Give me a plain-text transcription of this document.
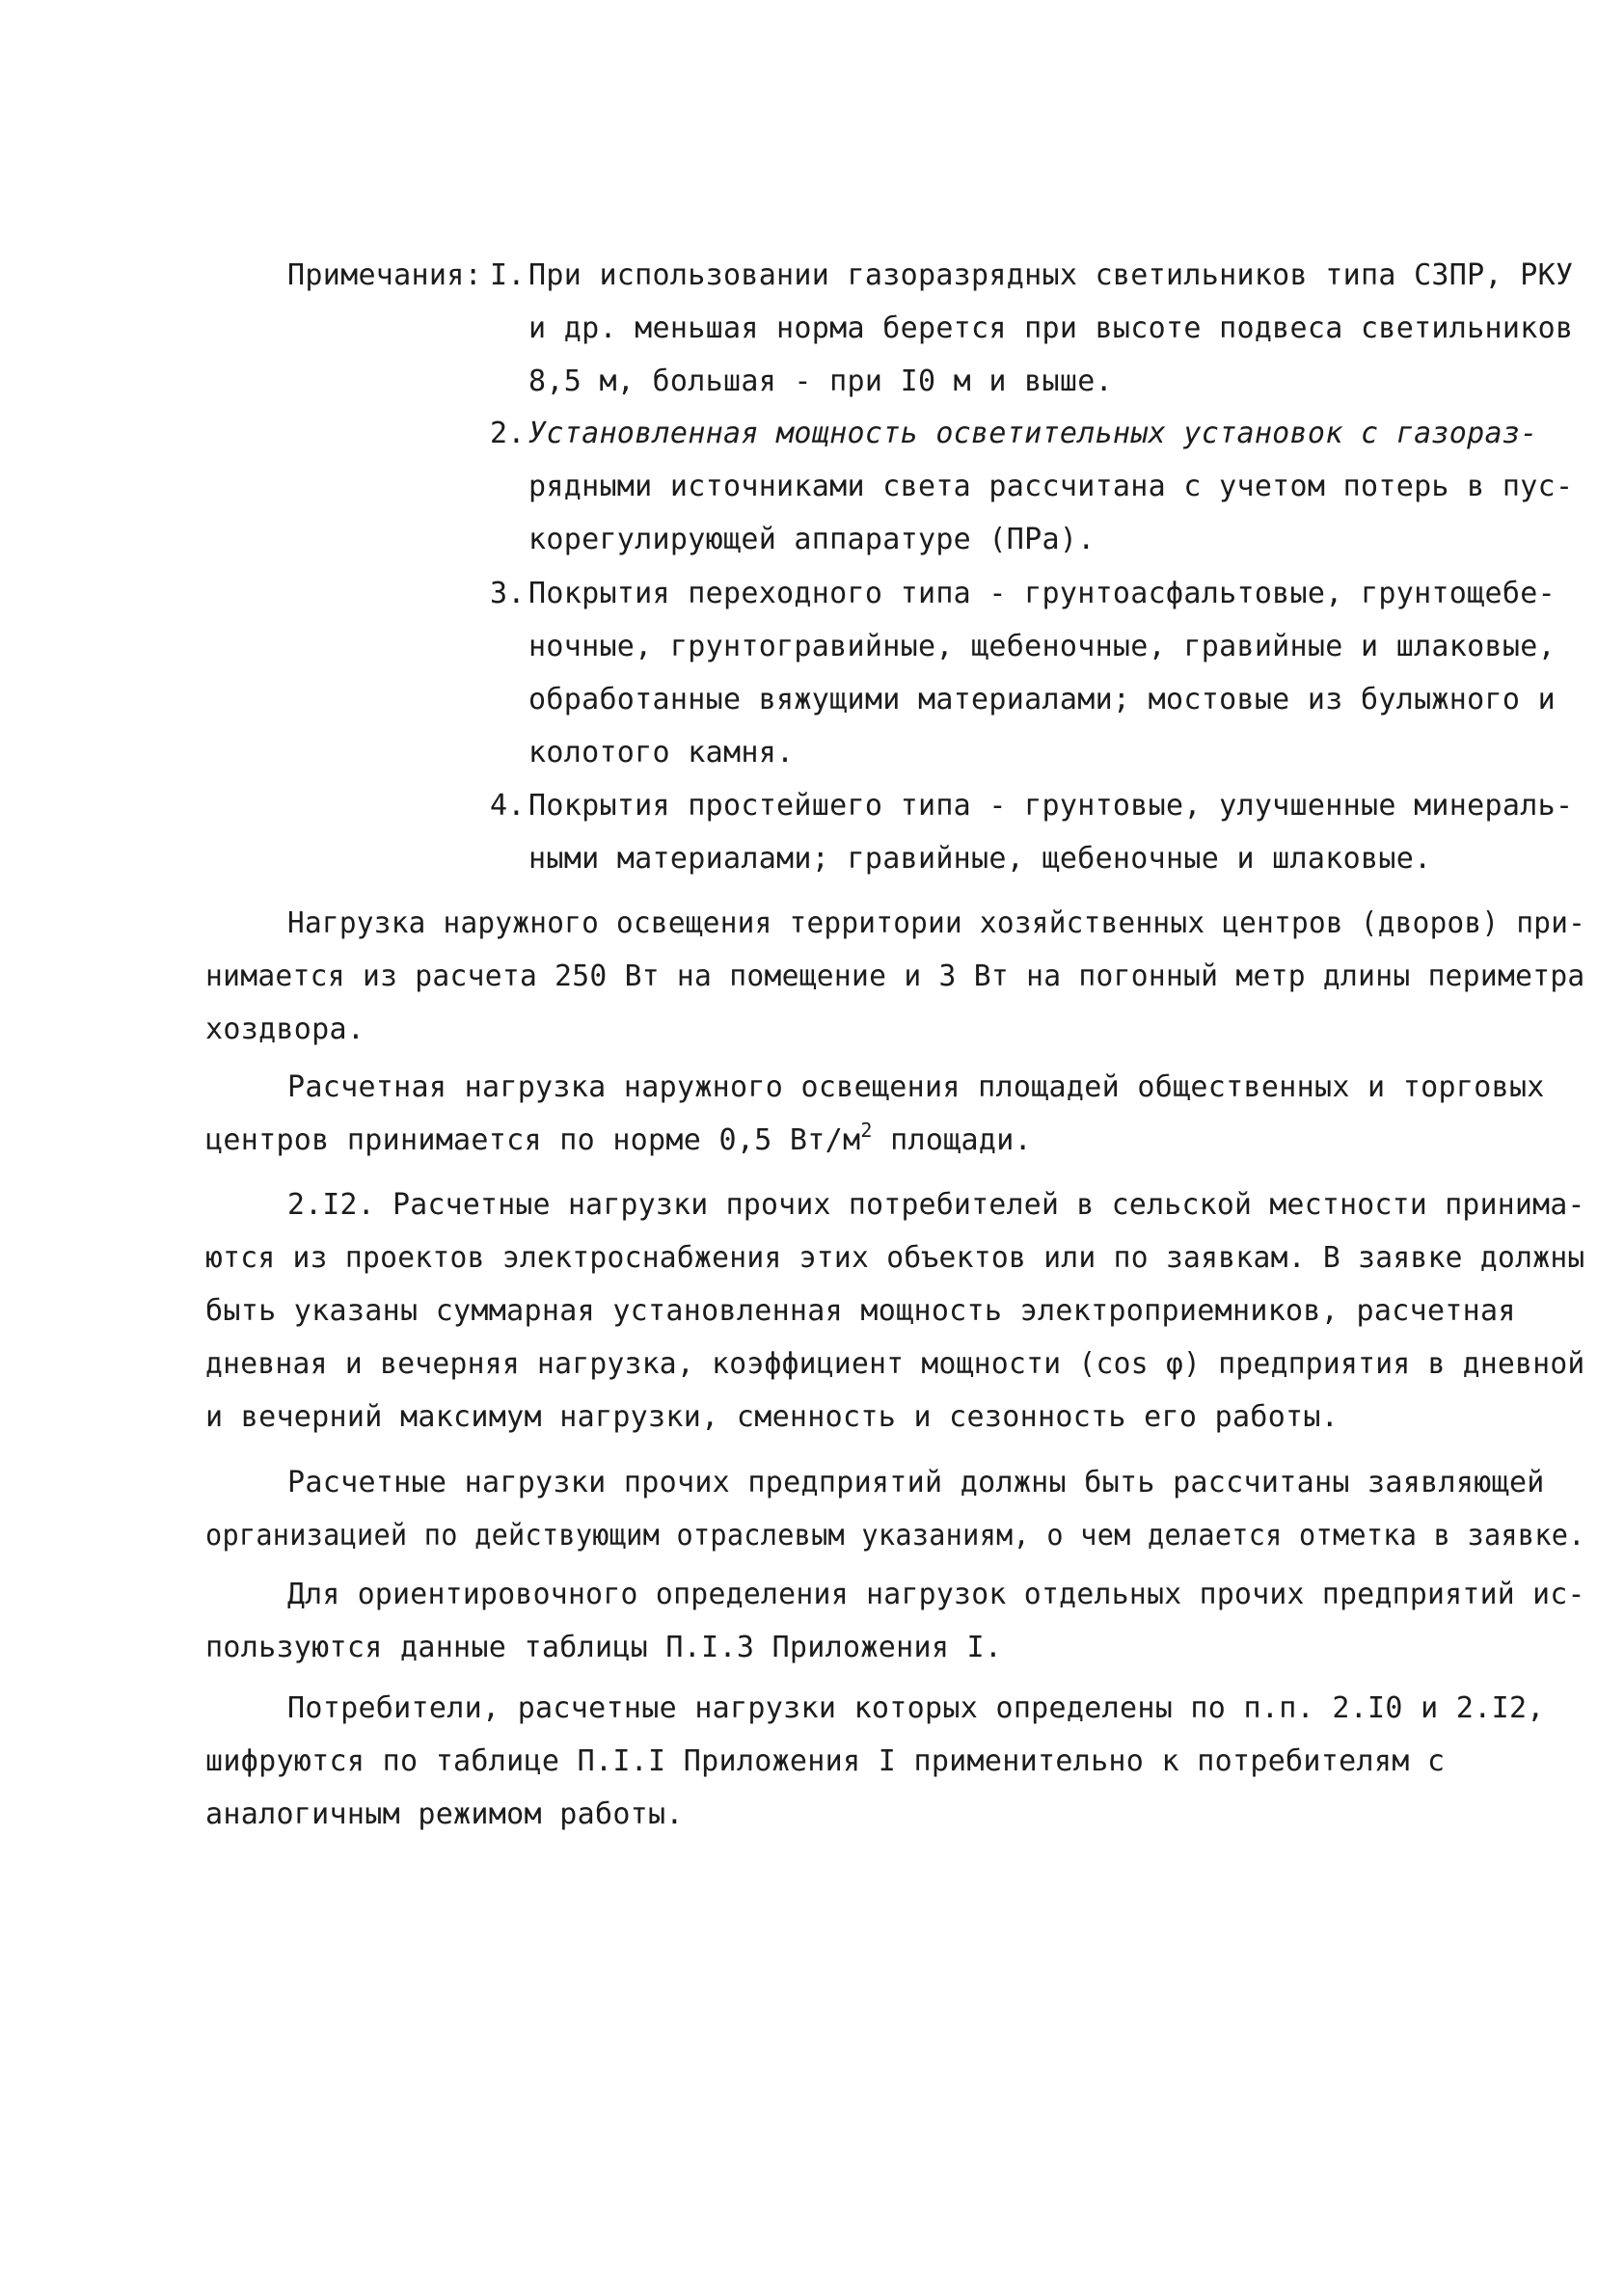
Примечания: I. При использовании газоразрядных светильников типа СЗПР, РКУ
и др. меньшая норма берется при высоте подвеса светильников
8,5 м, большая - при I0 м и выше.
2. Установленная мощность осветительных установок с газораз-
рядными источниками света рассчитана с учетом потерь в пус-
корегулирующей аппаратуре (ПРа).
3. Покрытия переходного типа - грунтоасфальтовые, грунтощебе-
ночные, грунтогравийные, щебеночные, гравийные и шлаковые,
обработанные вяжущими материалами; мостовые из булыжного и
колотого камня.
4. Покрытия простейшего типа - грунтовые, улучшенные минераль-
ными материалами; гравийные, щебеночные и шлаковые.
Нагрузка наружного освещения территории хозяйственных центров (дворов) при-
нимается из расчета 250 Вт на помещение и 3 Вт на погонный метр длины периметра
хоздвора.
Расчетная нагрузка наружного освещения площадей общественных и торговых
центров принимается по норме 0,5 $Вт/м^2$ площади.
2.I2. Расчетные нагрузки прочих потребителей в сельской местности принима-
ются из проектов электроснабжения этих объектов или по заявкам. В заявке должны
быть указаны суммарная установленная мощность электроприемников, расчетная
дневная и вечерняя нагрузка, коэффициент мощности (cos φ) предприятия в дневной
и вечерний максимум нагрузки, сменность и сезонность его работы.
Расчетные нагрузки прочих предприятий должны быть рассчитаны заявляющей
организацией по действующим отраслевым указаниям, о чем делается отметка в заявке.
Для ориентировочного определения нагрузок отдельных прочих предприятий ис-
пользуются данные таблицы П.I.3 Приложения I.
Потребители, расчетные нагрузки которых определены по п.п. 2.I0 и 2.I2,
шифруются по таблице П.I.I Приложения I применительно к потребителям с
аналогичным режимом работы.
